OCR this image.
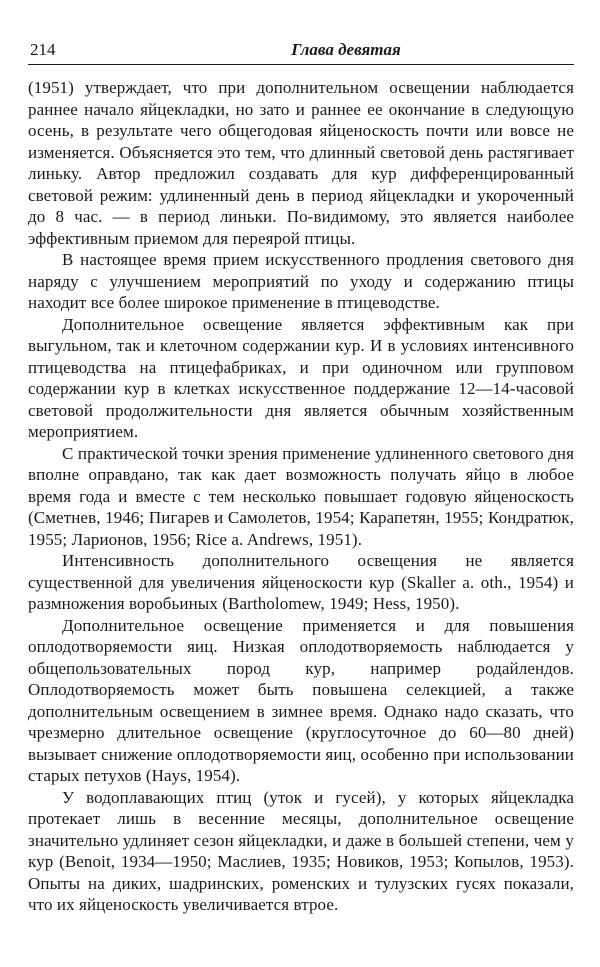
214	Глава девятая

(1951) утверждает, что при дополнительном освещении наблюдается раннее начало яйцекладки, но зато и раннее ее окончание в следующую осень, в результате чего общегодовая яйценоскость почти или вовсе не изменяется. Объясняется это тем, что длинный световой день растягивает линьку. Автор предложил создавать для кур дифференцированный световой режим: удлиненный день в период яйцекладки и укороченный до 8 час. — в период линьки. По-видимому, это является наиболее эффективным приемом для переярой птицы.

В настоящее время прием искусственного продления светового дня наряду с улучшением мероприятий по уходу и содержанию птицы находит все более широкое применение в птицеводстве.

Дополнительное освещение является эффективным как при выгульном, так и клеточном содержании кур. И в условиях интенсивного птицеводства на птицефабриках, и при одиночном или групповом содержании кур в клетках искусственное поддержание 12—14-часовой световой продолжительности дня является обычным хозяйственным мероприятием.

С практической точки зрения применение удлиненного светового дня вполне оправдано, так как дает возможность получать яйцо в любое время года и вместе с тем несколько повышает годовую яйценоскость (Сметнев, 1946; Пигарев и Самолетов, 1954; Карапетян, 1955; Кондратюк, 1955; Ларионов, 1956; Rice a. Andrews, 1951).

Интенсивность дополнительного освещения не является существенной для увеличения яйценоскости кур (Skaller a. oth., 1954) и размножения воробьиных (Bartholomew, 1949; Hess, 1950).

Дополнительное освещение применяется и для повышения оплодотворяемости яиц. Низкая оплодотворяемость наблюдается у общепользовательных пород кур, например родайлендов. Оплодотворяемость может быть повышена селекцией, а также дополнительным освещением в зимнее время. Однако надо сказать, что чрезмерно длительное освещение (круглосуточное до 60—80 дней) вызывает снижение оплодотворяемости яиц, особенно при использовании старых петухов (Hays, 1954).

У водоплавающих птиц (уток и гусей), у которых яйцекладка протекает лишь в весенние месяцы, дополнительное освещение значительно удлиняет сезон яйцекладки, и даже в большей степени, чем у кур (Benoit, 1934—1950; Маслиев, 1935; Новиков, 1953; Копылов, 1953). Опыты на диких, шадринских, роменских и тулузских гусях показали, что их яйценоскость увеличивается втрое.
